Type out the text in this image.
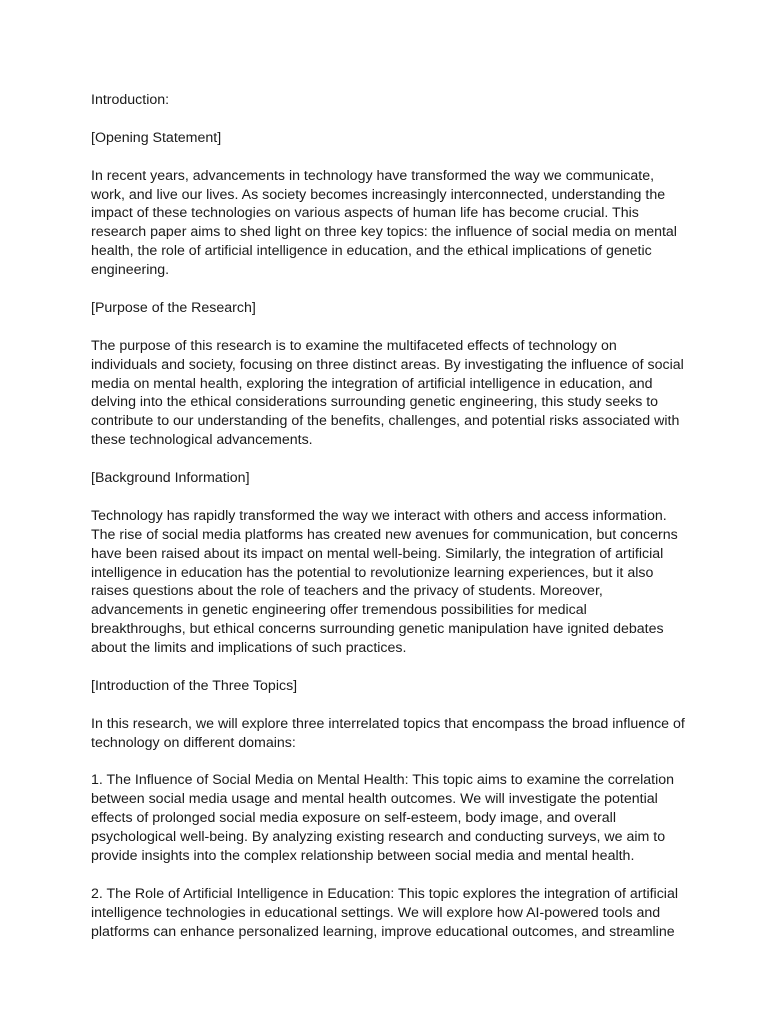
Introduction:

[Opening Statement]

In recent years, advancements in technology have transformed the way we communicate, work, and live our lives. As society becomes increasingly interconnected, understanding the impact of these technologies on various aspects of human life has become crucial. This research paper aims to shed light on three key topics: the influence of social media on mental health, the role of artificial intelligence in education, and the ethical implications of genetic engineering.

[Purpose of the Research]

The purpose of this research is to examine the multifaceted effects of technology on individuals and society, focusing on three distinct areas. By investigating the influence of social media on mental health, exploring the integration of artificial intelligence in education, and delving into the ethical considerations surrounding genetic engineering, this study seeks to contribute to our understanding of the benefits, challenges, and potential risks associated with these technological advancements.

[Background Information]

Technology has rapidly transformed the way we interact with others and access information. The rise of social media platforms has created new avenues for communication, but concerns have been raised about its impact on mental well-being. Similarly, the integration of artificial intelligence in education has the potential to revolutionize learning experiences, but it also raises questions about the role of teachers and the privacy of students. Moreover, advancements in genetic engineering offer tremendous possibilities for medical breakthroughs, but ethical concerns surrounding genetic manipulation have ignited debates about the limits and implications of such practices.

[Introduction of the Three Topics]

In this research, we will explore three interrelated topics that encompass the broad influence of technology on different domains:

1. The Influence of Social Media on Mental Health: This topic aims to examine the correlation between social media usage and mental health outcomes. We will investigate the potential effects of prolonged social media exposure on self-esteem, body image, and overall psychological well-being. By analyzing existing research and conducting surveys, we aim to provide insights into the complex relationship between social media and mental health.

2. The Role of Artificial Intelligence in Education: This topic explores the integration of artificial intelligence technologies in educational settings. We will explore how AI-powered tools and platforms can enhance personalized learning, improve educational outcomes, and streamline
